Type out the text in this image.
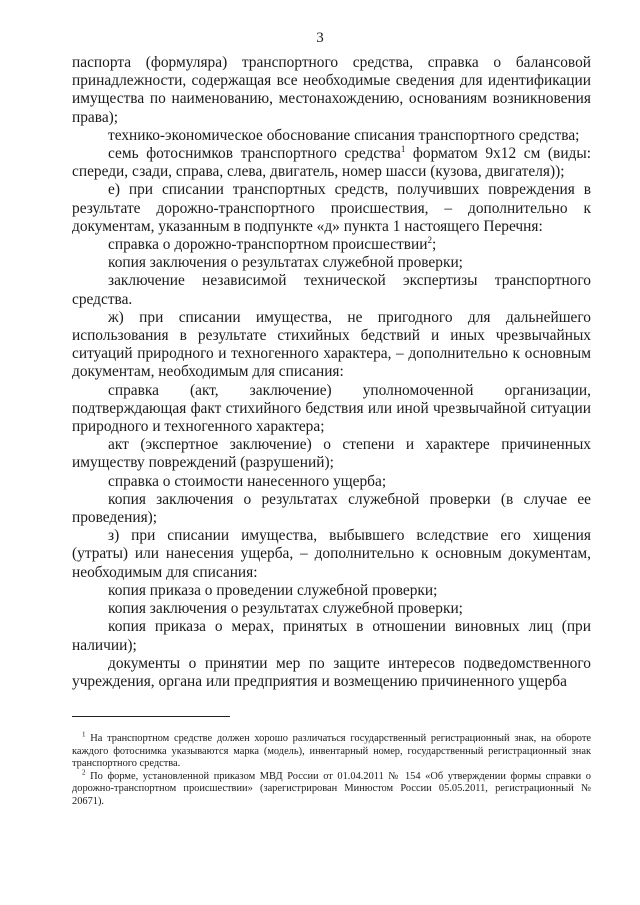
3

паспорта (формуляра) транспортного средства, справка о балансовой принадлежности, содержащая все необходимые сведения для идентификации имущества по наименованию, местонахождению, основаниям возникновения права);

технико-экономическое обоснование списания транспортного средства;

семь фотоснимков транспортного средства$^1$ форматом 9х12 см (виды: спереди, сзади, справа, слева, двигатель, номер шасси (кузова, двигателя));

е) при списании транспортных средств, получивших повреждения в результате дорожно-транспортного происшествия, – дополнительно к документам, указанным в подпункте «д» пункта 1 настоящего Перечня:

справка о дорожно-транспортном происшествии$^2$;

копия заключения о результатах служебной проверки;

заключение независимой технической экспертизы транспортного средства.

ж) при списании имущества, не пригодного для дальнейшего использования в результате стихийных бедствий и иных чрезвычайных ситуаций природного и техногенного характера, – дополнительно к основным документам, необходимым для списания:

справка (акт, заключение) уполномоченной организации, подтверждающая факт стихийного бедствия или иной чрезвычайной ситуации природного и техногенного характера;

акт (экспертное заключение) о степени и характере причиненных имуществу повреждений (разрушений);

справка о стоимости нанесенного ущерба;

копия заключения о результатах служебной проверки (в случае ее проведения);

з) при списании имущества, выбывшего вследствие его хищения (утраты) или нанесения ущерба, – дополнительно к основным документам, необходимым для списания:

копия приказа о проведении служебной проверки;

копия заключения о результатах служебной проверки;

копия приказа о мерах, принятых в отношении виновных лиц (при наличии);

документы о принятии мер по защите интересов подведомственного учреждения, органа или предприятия и возмещению причиненного ущерба

$^1$ На транспортном средстве должен хорошо различаться государственный регистрационный знак, на обороте каждого фотоснимка указываются марка (модель), инвентарный номер, государственный регистрационный знак транспортного средства.

$^2$ По форме, установленной приказом МВД России от 01.04.2011 № 154 «Об утверждении формы справки о дорожно-транспортном происшествии» (зарегистрирован Минюстом России 05.05.2011, регистрационный № 20671).
